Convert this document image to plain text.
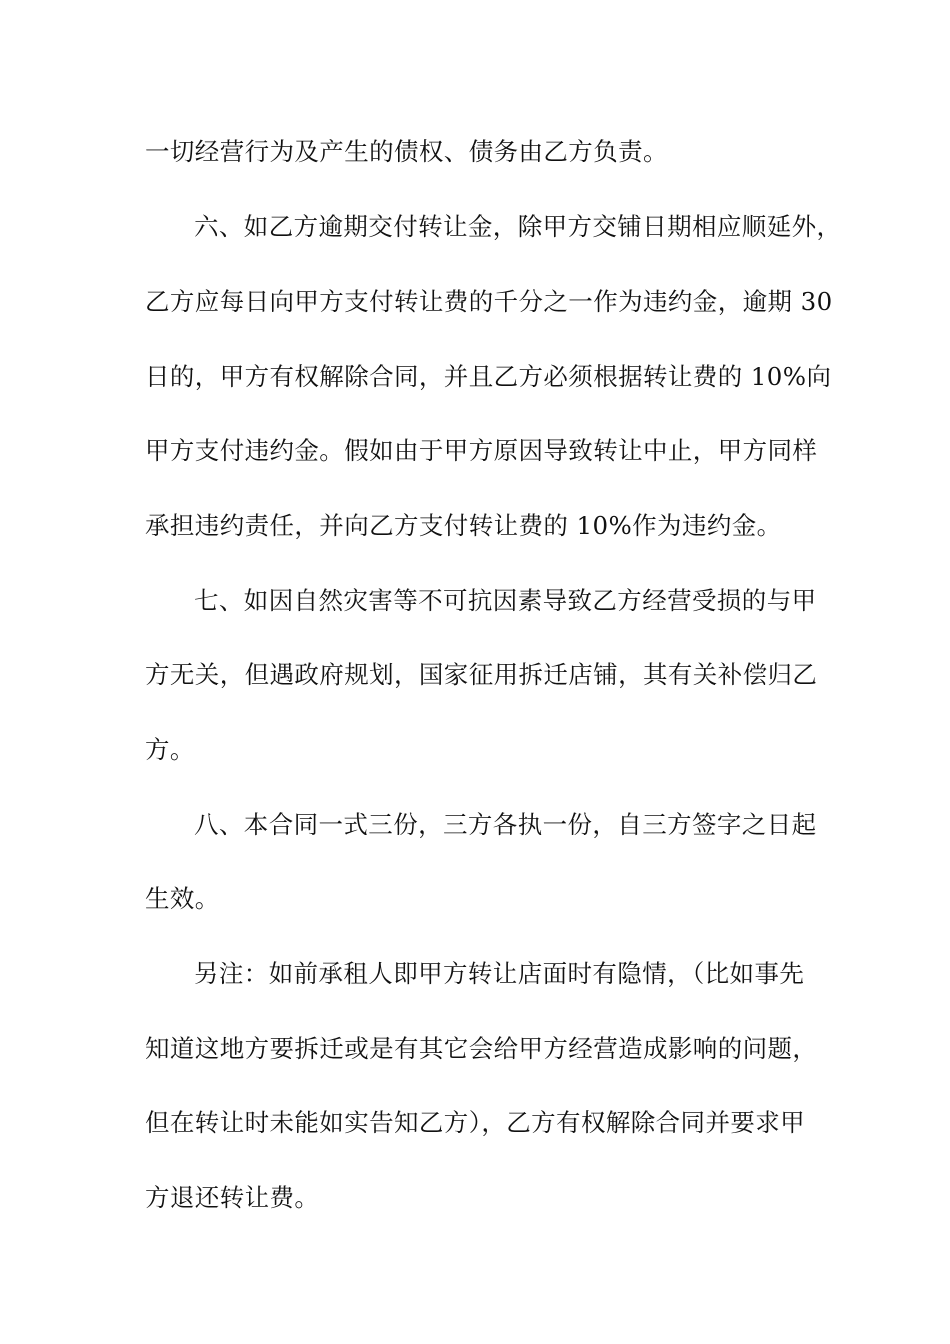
一切经营行为及产生的债权、债务由乙方负责。

六、如乙方逾期交付转让金，除甲方交铺日期相应顺延外，

乙方应每日向甲方支付转让费的千分之一作为违约金，逾期 30

日的，甲方有权解除合同，并且乙方必须根据转让费的 10%向

甲方支付违约金。假如由于甲方原因导致转让中止，甲方同样

承担违约责任，并向乙方支付转让费的 10%作为违约金。

七、如因自然灾害等不可抗因素导致乙方经营受损的与甲

方无关，但遇政府规划，国家征用拆迁店铺，其有关补偿归乙

方。

八、本合同一式三份，三方各执一份，自三方签字之日起

生效。

另注：如前承租人即甲方转让店面时有隐情，（比如事先

知道这地方要拆迁或是有其它会给甲方经营造成影响的问题，

但在转让时未能如实告知乙方），乙方有权解除合同并要求甲

方退还转让费。
